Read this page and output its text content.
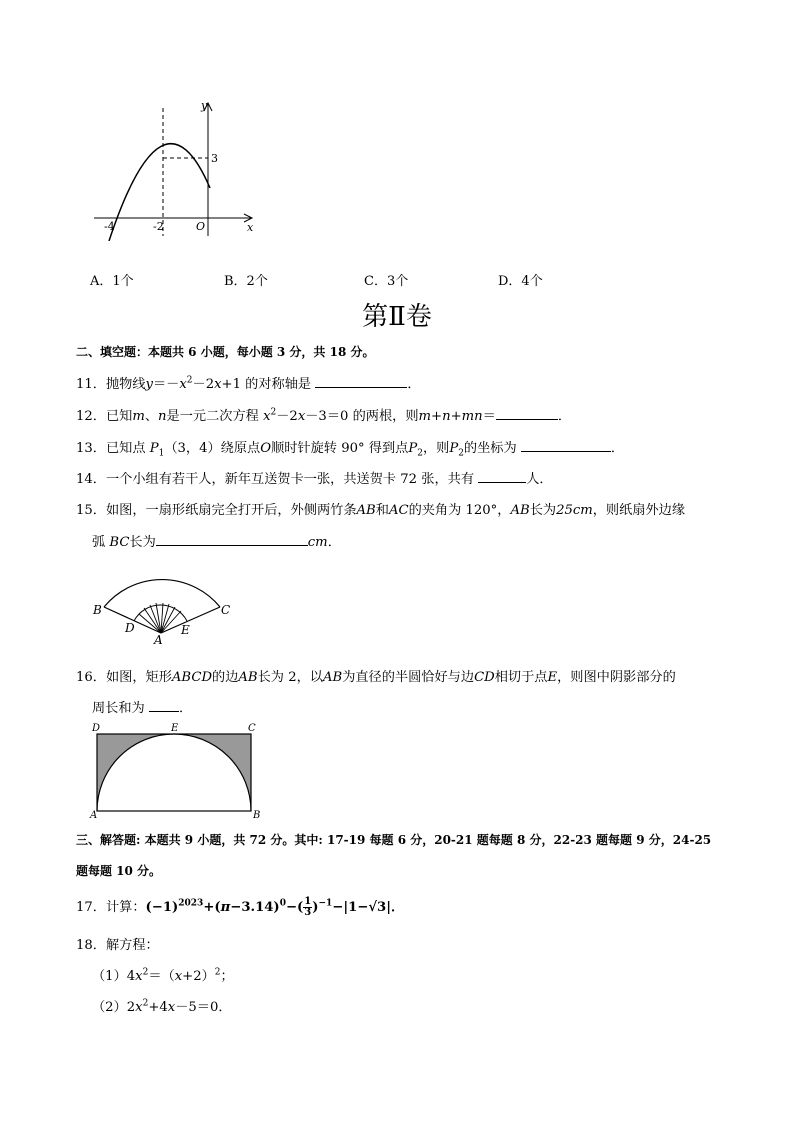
y
x
3
-4	-2	O
A．1个	B．2个	C．3个	D．4个
第Ⅱ卷
二、填空题：本题共 6 小题，每小题 3 分，共 18 分。
11．抛物线$y=-x^2-2x+1$ 的对称轴是	．
12．已知m、n是一元二次方程 $x^2-2x-3=0$ 的两根，则m+n+mn＝	．
13．已知点 $P_1(3$，4）绕原点O顺时针旋转 90° 得到点$P_2$，则$P_2$的坐标为	．
14．一个小组有若干人，新年互送贺卡一张，共送贺卡 72 张，共有	人．
15．如图，一扇形纸扇完全打开后，外侧两竹条AB和AC的夹角为 120°，AB长为25cm，则纸扇外边缘
弧 BC长为	cm．
B	C
D	E
A
16．如图，矩形ABCD的边AB长为 2，以AB为直径的半圆恰好与边CD相切于点E，则图中阴影部分的
周长和为	．
D	E	C
A	B
三、解答题: 本题共 9 小题，共 72 分。其中: 17-19 每题 6 分，20-21 题每题 8 分，22-23 题每题 9 分，24-25
题每题 10 分。
17．计算：$(-1)^{2023}+(\pi-3.14)^0-( \frac{1}{3} )^{-1}-|1-√3|$．
18．解方程：
$(1)4x^2=(x+2)^2$；
$(2)2x^2+4x-5=0$．
